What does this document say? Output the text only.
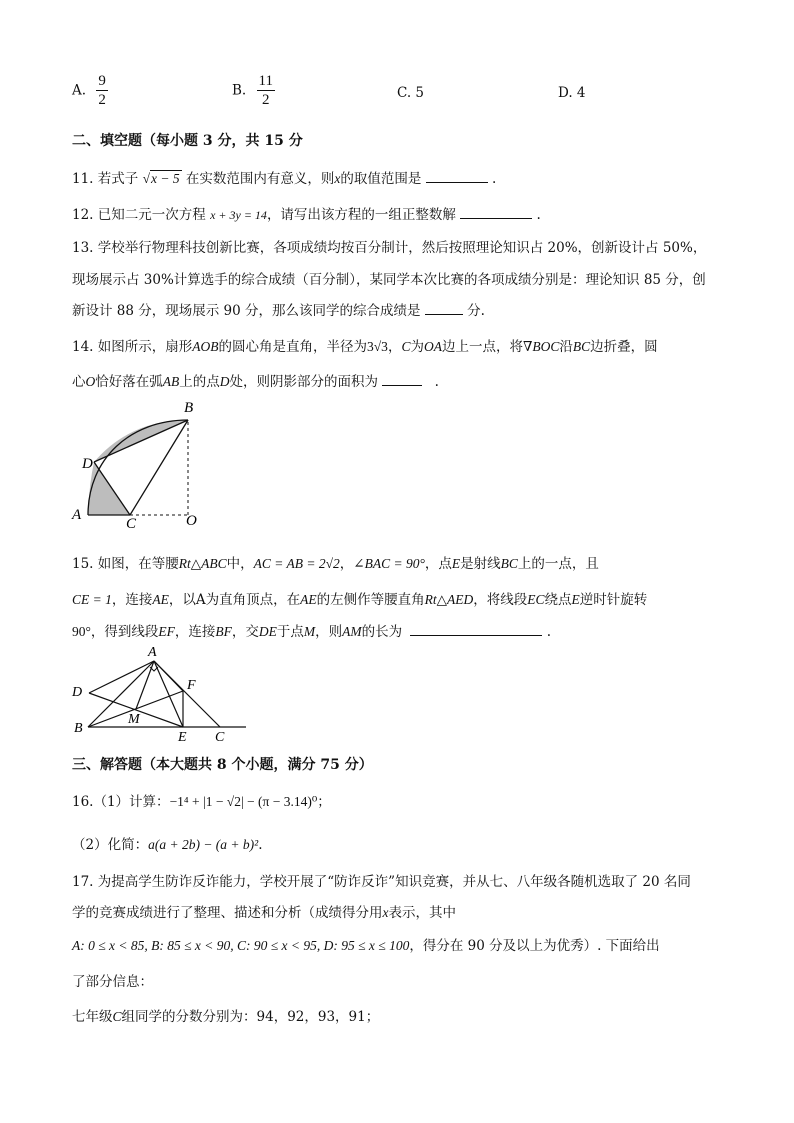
A. $\frac{9}{2}$	B. $\frac{11}{2}$	C. 5	D. 4
二、填空题（每小题 3 分，共 15 分
11. 若式子 √x − 5 在实数范围内有意义，则x的取值范围是	.
12. 已知二元一次方程 x + 3y = 14，请写出该方程的一组正整数解	.
13. 学校举行物理科技创新比赛，各项成绩均按百分制计，然后按照理论知识占 20%，创新设计占 50%，
现场展示占 30%计算选手的综合成绩（百分制），某同学本次比赛的各项成绩分别是：理论知识 85 分，创
新设计 88 分，现场展示 90 分，那么该同学的综合成绩是	分.
14. 如图所示，扇形AOB的圆心角是直角，半径为3√3，C为OA边上一点，将∇BOC沿BC边折叠，圆
心O恰好落在弧AB上的点D处，则阴影部分的面积为	.
B
D
A
C	O
15. 如图，在等腰Rt△ABC中，AC = AB = 2√2，∠BAC = 90°，点E是射线BC上的一点，且
CE = 1，连接AE，以A为直角顶点，在AE的左侧作等腰直角Rt△AED，将线段EC绕点E逆时针旋转
90°，得到线段EF，连接BF，交DE于点M，则AM的长为	.
A
D	F
B
M
E C
三、解答题（本大题共 8 个小题，满分 75 分）
16.（1）计算：−1⁴ + |1 − √2| − (π − 3.14)⁰；
（2）化简：a(a + 2b) − (a + b)².
17. 为提高学生防诈反诈能力，学校开展了“防诈反诈”知识竞赛，并从七、八年级各随机选取了 20 名同
学的竞赛成绩进行了整理、描述和分析（成绩得分用x表示，其中
A: 0 ≤ x < 85, B: 85 ≤ x < 90, C: 90 ≤ x < 95, D: 95 ≤ x ≤ 100，得分在 90 分及以上为优秀）. 下面给出
了部分信息：
七年级C组同学的分数分别为：94，92，93，91；
